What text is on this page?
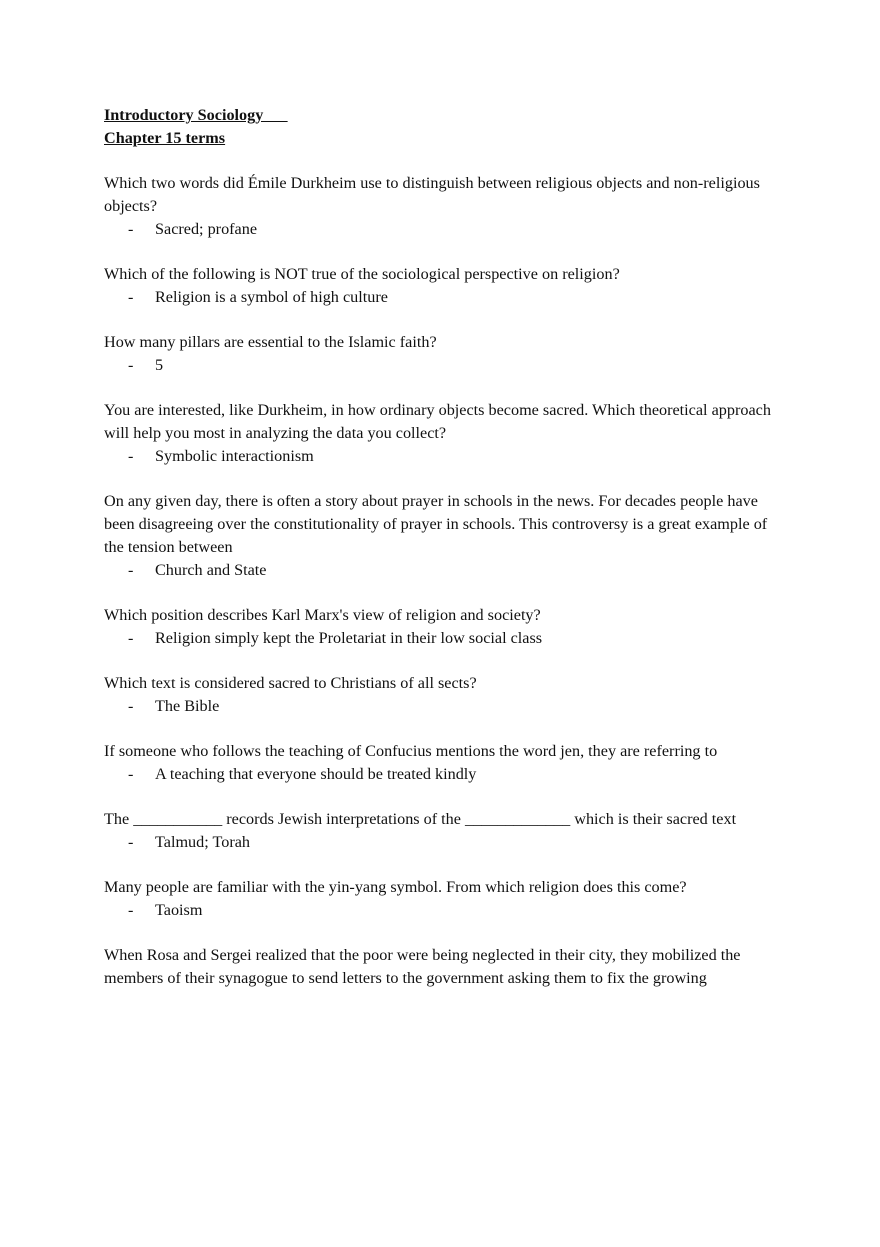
Introductory Sociology

Chapter 15 terms

Which two words did Émile Durkheim use to distinguish between religious objects and non-religious objects?

- Sacred; profane

Which of the following is NOT true of the sociological perspective on religion?

- Religion is a symbol of high culture

How many pillars are essential to the Islamic faith?

- 5

You are interested, like Durkheim, in how ordinary objects become sacred. Which theoretical approach will help you most in analyzing the data you collect?

- Symbolic interactionism

On any given day, there is often a story about prayer in schools in the news. For decades people have been disagreeing over the constitutionality of prayer in schools. This controversy is a great example of the tension between

- Church and State

Which position describes Karl Marx's view of religion and society?

- Religion simply kept the Proletariat in their low social class

Which text is considered sacred to Christians of all sects?

- The Bible

If someone who follows the teaching of Confucius mentions the word jen, they are referring to

- A teaching that everyone should be treated kindly

The ___________ records Jewish interpretations of the _____________ which is their sacred text

- Talmud; Torah

Many people are familiar with the yin-yang symbol. From which religion does this come?

- Taoism

When Rosa and Sergei realized that the poor were being neglected in their city, they mobilized the members of their synagogue to send letters to the government asking them to fix the growing
